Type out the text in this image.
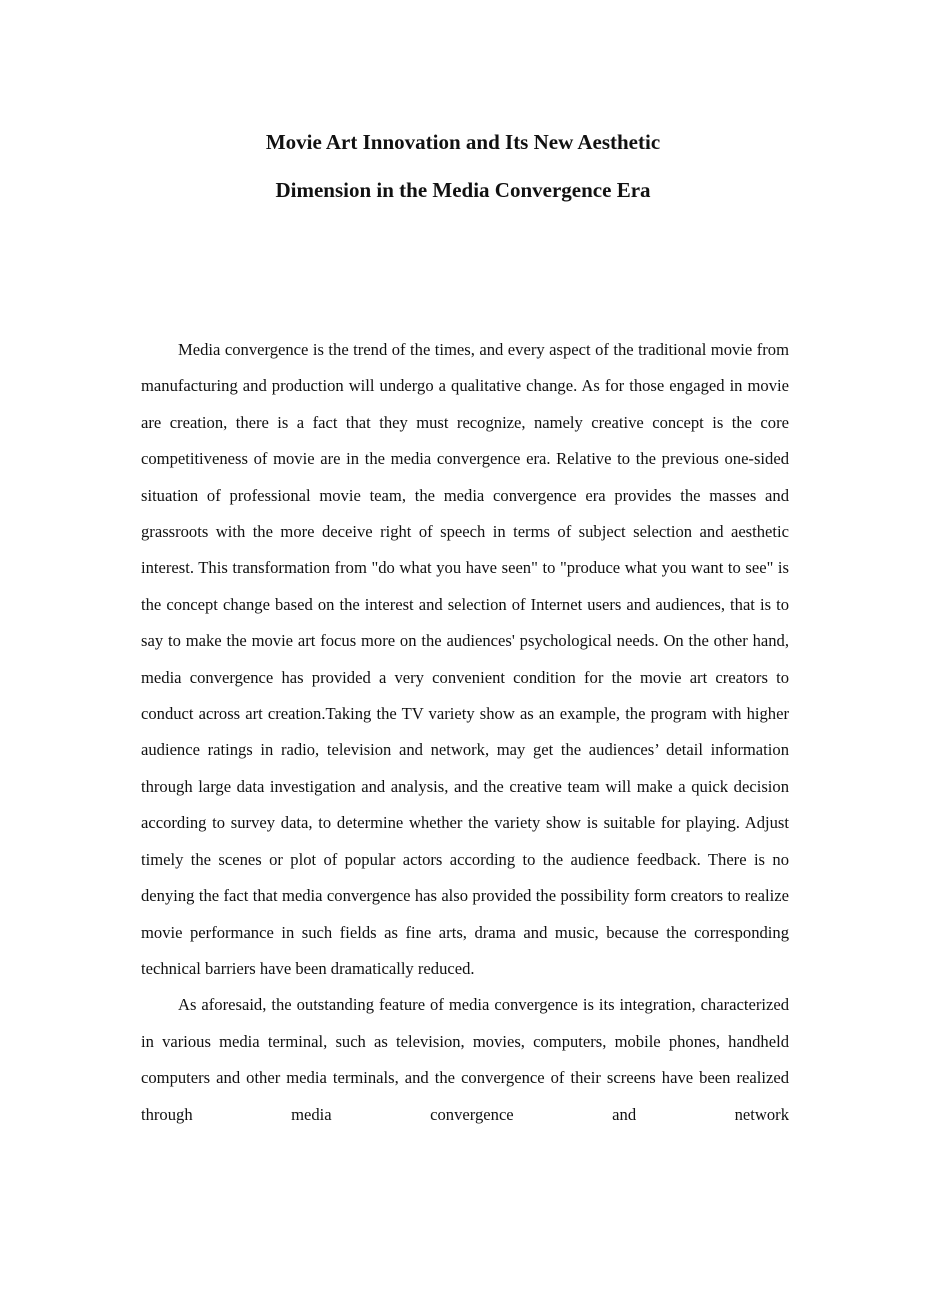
Movie Art Innovation and Its New Aesthetic
Dimension in the Media Convergence Era

Media convergence is the trend of the times, and every aspect of the traditional movie from manufacturing and production will undergo a qualitative change. As for those engaged in movie are creation, there is a fact that they must recognize, namely creative concept is the core competitiveness of movie are in the media convergence era. Relative to the previous one-sided situation of professional movie team, the media convergence era provides the masses and grassroots with the more deceive right of speech in terms of subject selection and aesthetic interest. This transformation from "do what you have seen" to "produce what you want to see" is the concept change based on the interest and selection of Internet users and audiences, that is to say to make the movie art focus more on the audiences' psychological needs. On the other hand, media convergence has provided a very convenient condition for the movie art creators to conduct across art creation.Taking the TV variety show as an example, the program with higher audience ratings in radio, television and network, may get the audiences’ detail information through large data investigation and analysis, and the creative team will make a quick decision according to survey data, to determine whether the variety show is suitable for playing. Adjust timely the scenes or plot of popular actors according to the audience feedback. There is no denying the fact that media convergence has also provided the possibility form creators to realize movie performance in such fields as fine arts, drama and music, because the corresponding technical barriers have been dramatically reduced.

As aforesaid, the outstanding feature of media convergence is its integration, characterized in various media terminal, such as television, movies, computers, mobile phones, handheld computers and other media terminals, and the convergence of their screens have been realized through media convergence and network
